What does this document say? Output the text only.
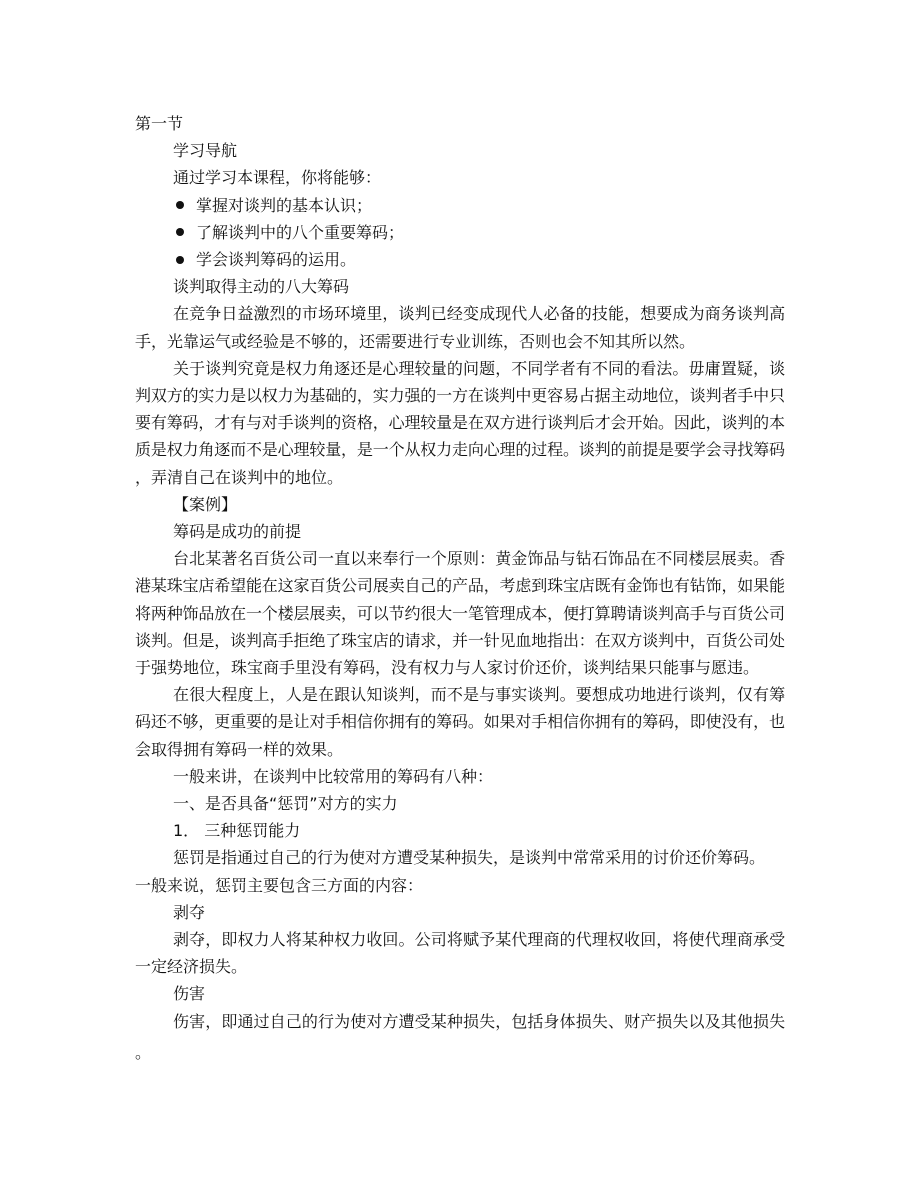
第一节
学习导航
通过学习本课程，你将能够：
掌握对谈判的基本认识；
了解谈判中的八个重要筹码；
学会谈判筹码的运用。
谈判取得主动的八大筹码
在竞争日益激烈的市场环境里，谈判已经变成现代人必备的技能，想要成为商务谈判高
手，光靠运气或经验是不够的，还需要进行专业训练，否则也会不知其所以然。
关于谈判究竟是权力角逐还是心理较量的问题，不同学者有不同的看法。毋庸置疑，谈
判双方的实力是以权力为基础的，实力强的一方在谈判中更容易占据主动地位，谈判者手中只
要有筹码，才有与对手谈判的资格，心理较量是在双方进行谈判后才会开始。因此，谈判的本
质是权力角逐而不是心理较量，是一个从权力走向心理的过程。谈判的前提是要学会寻找筹码
，弄清自己在谈判中的地位。
【案例】
筹码是成功的前提
台北某著名百货公司一直以来奉行一个原则：黄金饰品与钻石饰品在不同楼层展卖。香
港某珠宝店希望能在这家百货公司展卖自己的产品，考虑到珠宝店既有金饰也有钻饰，如果能
将两种饰品放在一个楼层展卖，可以节约很大一笔管理成本，便打算聘请谈判高手与百货公司
谈判。但是，谈判高手拒绝了珠宝店的请求，并一针见血地指出：在双方谈判中，百货公司处
于强势地位，珠宝商手里没有筹码，没有权力与人家讨价还价，谈判结果只能事与愿违。
在很大程度上，人是在跟认知谈判，而不是与事实谈判。要想成功地进行谈判，仅有筹
码还不够，更重要的是让对手相信你拥有的筹码。如果对手相信你拥有的筹码，即使没有，也
会取得拥有筹码一样的效果。
一般来讲，在谈判中比较常用的筹码有八种：
一、是否具备“惩罚”对方的实力
1． 三种惩罚能力
惩罚是指通过自己的行为使对方遭受某种损失，是谈判中常常采用的讨价还价筹码。
一般来说，惩罚主要包含三方面的内容：
剥夺
剥夺，即权力人将某种权力收回。公司将赋予某代理商的代理权收回，将使代理商承受
一定经济损失。
伤害
伤害，即通过自己的行为使对方遭受某种损失，包括身体损失、财产损失以及其他损失
。
